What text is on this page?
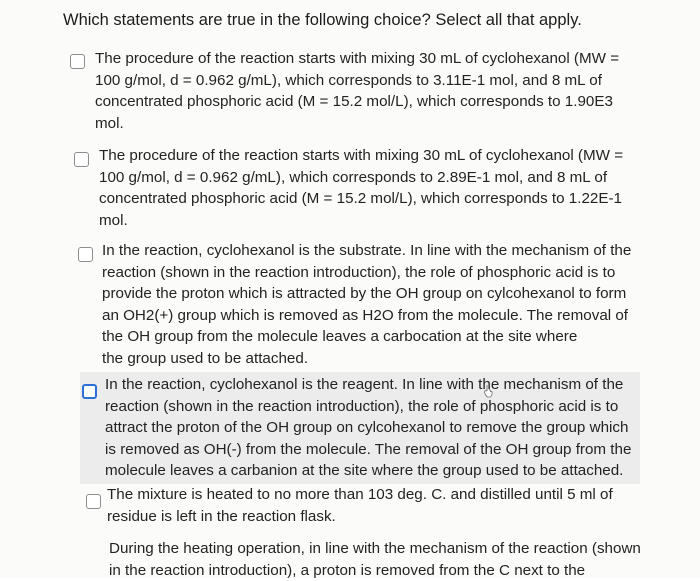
Which statements are true in the following choice? Select all that apply.
The procedure of the reaction starts with mixing 30 mL of cyclohexanol (MW =
100 g/mol, d = 0.962 g/mL), which corresponds to 3.11E-1 mol, and 8 mL of
concentrated phosphoric acid (M = 15.2 mol/L), which corresponds to 1.90E3
mol.
The procedure of the reaction starts with mixing 30 mL of cyclohexanol (MW =
100 g/mol, d = 0.962 g/mL), which corresponds to 2.89E-1 mol, and 8 mL of
concentrated phosphoric acid (M = 15.2 mol/L), which corresponds to 1.22E-1
mol.
In the reaction, cyclohexanol is the substrate. In line with the mechanism of the
reaction (shown in the reaction introduction), the role of phosphoric acid is to
provide the proton which is attracted by the OH group on cylcohexanol to form
an OH2(+) group which is removed as H2O from the molecule. The removal of
the OH group from the molecule leaves a carbocation at the site where
the group used to be attached.
In the reaction, cyclohexanol is the reagent. In line with the mechanism of the
reaction (shown in the reaction introduction), the role of phosphoric acid is to
attract the proton of the OH group on cylcohexanol to remove the group which
is removed as OH(-) from the molecule. The removal of the OH group from the
molecule leaves a carbanion at the site where the group used to be attached.
The mixture is heated to no more than 103 deg. C. and distilled until 5 ml of
residue is left in the reaction flask.
During the heating operation, in line with the mechanism of the reaction (shown
in the reaction introduction), a proton is removed from the C next to the
